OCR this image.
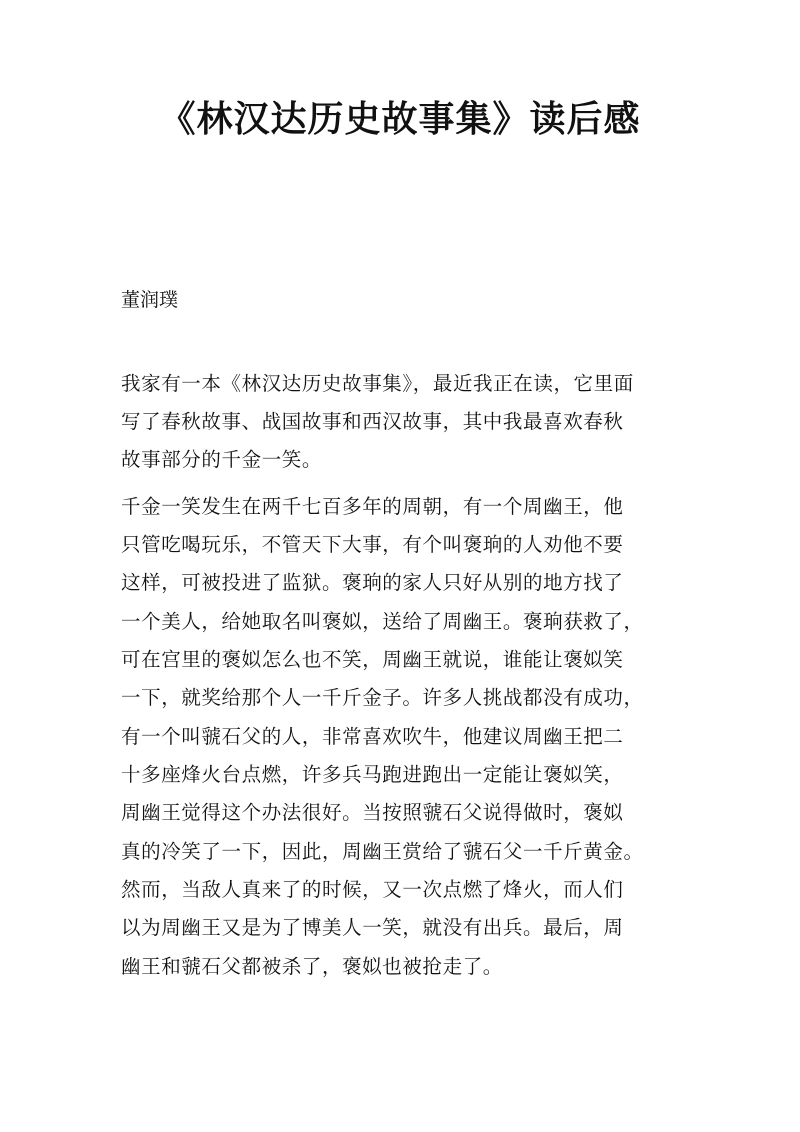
《林汉达历史故事集》读后感
董润璞
我家有一本《林汉达历史故事集》，最近我正在读，它里面
写了春秋故事、战国故事和西汉故事，其中我最喜欢春秋
故事部分的千金一笑。
千金一笑发生在两千七百多年的周朝，有一个周幽王，他
只管吃喝玩乐，不管天下大事，有个叫褒珦的人劝他不要
这样，可被投进了监狱。褒珦的家人只好从别的地方找了
一个美人，给她取名叫褒姒，送给了周幽王。褒珦获救了，
可在宫里的褒姒怎么也不笑，周幽王就说，谁能让褒姒笑
一下，就奖给那个人一千斤金子。许多人挑战都没有成功，
有一个叫虢石父的人，非常喜欢吹牛，他建议周幽王把二
十多座烽火台点燃，许多兵马跑进跑出一定能让褒姒笑，
周幽王觉得这个办法很好。当按照虢石父说得做时，褒姒
真的冷笑了一下，因此，周幽王赏给了虢石父一千斤黄金。
然而，当敌人真来了的时候，又一次点燃了烽火，而人们
以为周幽王又是为了博美人一笑，就没有出兵。最后，周
幽王和虢石父都被杀了，褒姒也被抢走了。
